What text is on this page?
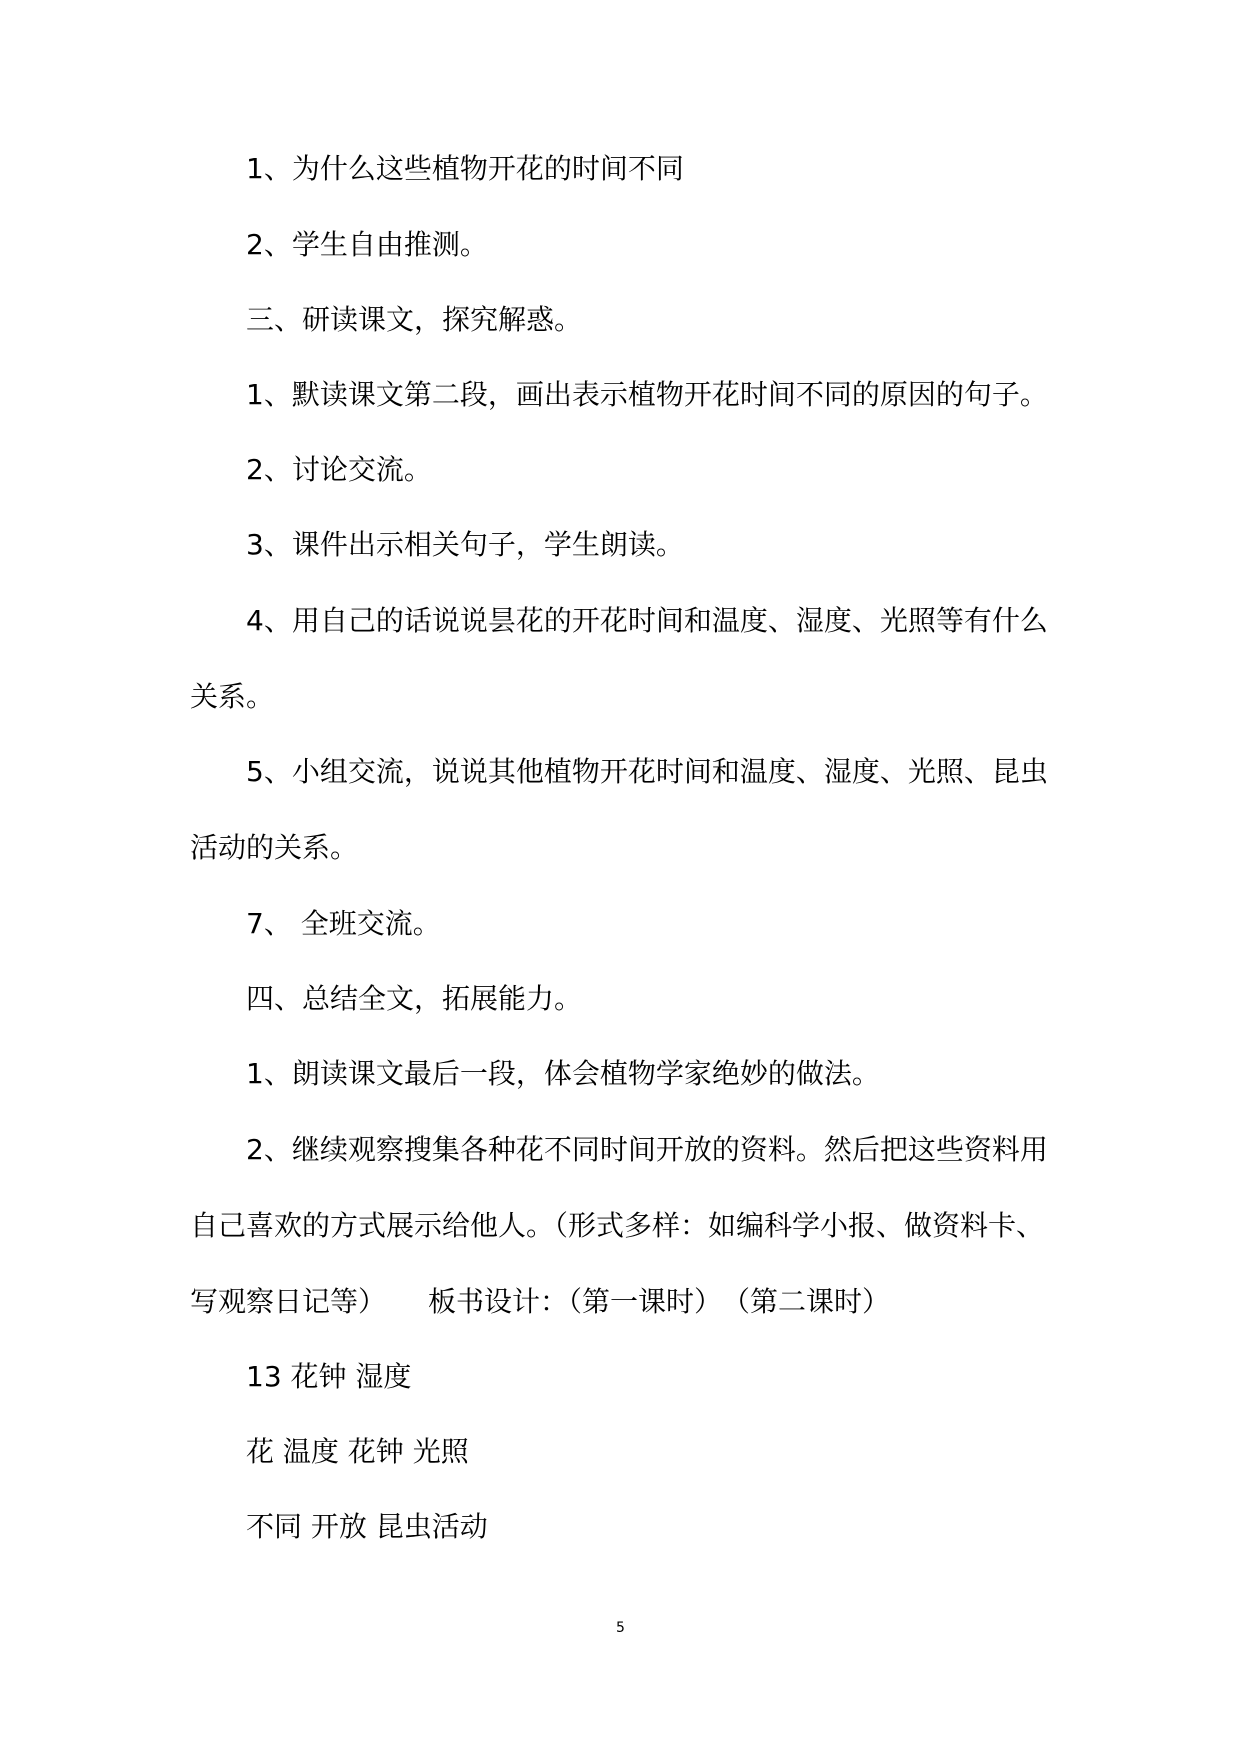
1、为什么这些植物开花的时间不同

2、学生自由推测。

三、研读课文，探究解惑。

1、默读课文第二段，画出表示植物开花时间不同的原因的句子。

2、讨论交流。

3、课件出示相关句子，学生朗读。

4、用自己的话说说昙花的开花时间和温度、湿度、光照等有什么关系。

5、小组交流，说说其他植物开花时间和温度、湿度、光照、昆虫活动的关系。

7、 全班交流。

四、总结全文，拓展能力。

1、朗读课文最后一段，体会植物学家绝妙的做法。

2、继续观察搜集各种花不同时间开放的资料。然后把这些资料用自己喜欢的方式展示给他人。（形式多样：如编科学小报、做资料卡、写观察日记等）　　板书设计：（第一课时）　（第二课时）

13 花钟 湿度

花 温度 花钟 光照

不同 开放 昆虫活动

5
